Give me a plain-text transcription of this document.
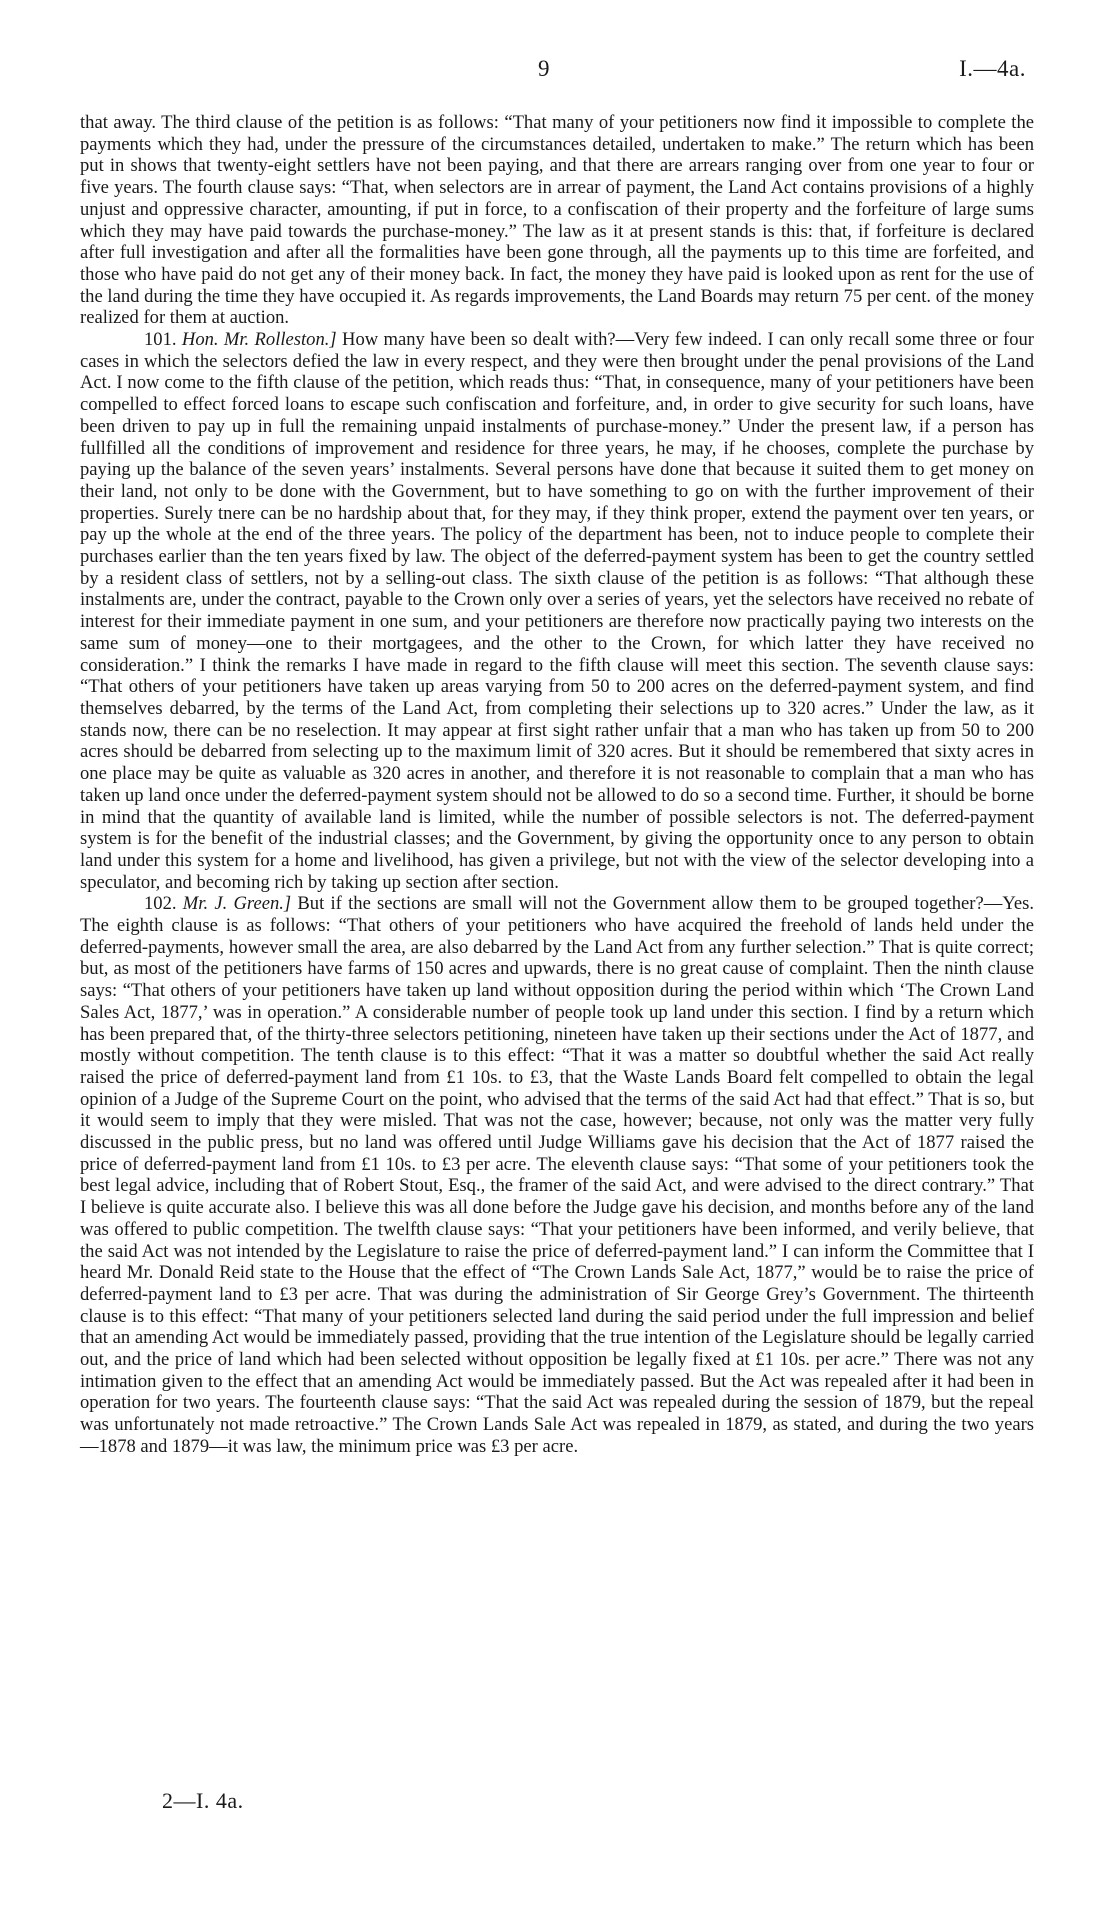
9	I.—4a.

that away. The third clause of the petition is as follows: “That many of your petitioners now find it impossible to complete the payments which they had, under the pressure of the circumstances detailed, undertaken to make.” The return which has been put in shows that twenty-eight settlers have not been paying, and that there are arrears ranging over from one year to four or five years. The fourth clause says: “That, when selectors are in arrear of payment, the Land Act contains provisions of a highly unjust and oppressive character, amounting, if put in force, to a confiscation of their property and the forfeiture of large sums which they may have paid towards the purchase-money.” The law as it at present stands is this: that, if forfeiture is declared after full investigation and after all the formalities have been gone through, all the payments up to this time are forfeited, and those who have paid do not get any of their money back. In fact, the money they have paid is looked upon as rent for the use of the land during the time they have occupied it. As regards improvements, the Land Boards may return 75 per cent. of the money realized for them at auction.

101. Hon. Mr. Rolleston.] How many have been so dealt with?—Very few indeed. I can only recall some three or four cases in which the selectors defied the law in every respect, and they were then brought under the penal provisions of the Land Act. I now come to the fifth clause of the petition, which reads thus: “That, in consequence, many of your petitioners have been compelled to effect forced loans to escape such confiscation and forfeiture, and, in order to give security for such loans, have been driven to pay up in full the remaining unpaid instalments of purchase-money.” Under the present law, if a person has fullfilled all the conditions of improvement and residence for three years, he may, if he chooses, complete the purchase by paying up the balance of the seven years’ instalments. Several persons have done that because it suited them to get money on their land, not only to be done with the Government, but to have something to go on with the further improvement of their properties. Surely tnere can be no hardship about that, for they may, if they think proper, extend the payment over ten years, or pay up the whole at the end of the three years. The policy of the department has been, not to induce people to complete their purchases earlier than the ten years fixed by law. The object of the deferred-payment system has been to get the country settled by a resident class of settlers, not by a selling-out class. The sixth clause of the petition is as follows: “That although these instalments are, under the contract, payable to the Crown only over a series of years, yet the selectors have received no rebate of interest for their immediate payment in one sum, and your petitioners are therefore now practically paying two interests on the same sum of money—one to their mortgagees, and the other to the Crown, for which latter they have received no consideration.” I think the remarks I have made in regard to the fifth clause will meet this section. The seventh clause says: “That others of your petitioners have taken up areas varying from 50 to 200 acres on the deferred-payment system, and find themselves debarred, by the terms of the Land Act, from completing their selections up to 320 acres.” Under the law, as it stands now, there can be no reselection. It may appear at first sight rather unfair that a man who has taken up from 50 to 200 acres should be debarred from selecting up to the maximum limit of 320 acres. But it should be remembered that sixty acres in one place may be quite as valuable as 320 acres in another, and therefore it is not reasonable to complain that a man who has taken up land once under the deferred-payment system should not be allowed to do so a second time. Further, it should be borne in mind that the quantity of available land is limited, while the number of possible selectors is not. The deferred-payment system is for the benefit of the industrial classes; and the Government, by giving the opportunity once to any person to obtain land under this system for a home and livelihood, has given a privilege, but not with the view of the selector developing into a speculator, and becoming rich by taking up section after section.

102. Mr. J. Green.] But if the sections are small will not the Government allow them to be grouped together?—Yes. The eighth clause is as follows: “That others of your petitioners who have acquired the freehold of lands held under the deferred-payments, however small the area, are also debarred by the Land Act from any further selection.” That is quite correct; but, as most of the petitioners have farms of 150 acres and upwards, there is no great cause of complaint. Then the ninth clause says: “That others of your petitioners have taken up land without opposition during the period within which ‘The Crown Land Sales Act, 1877,’ was in operation.” A considerable number of people took up land under this section. I find by a return which has been prepared that, of the thirty-three selectors petitioning, nineteen have taken up their sections under the Act of 1877, and mostly without competition. The tenth clause is to this effect: “That it was a matter so doubtful whether the said Act really raised the price of deferred-payment land from £1 10s. to £3, that the Waste Lands Board felt compelled to obtain the legal opinion of a Judge of the Supreme Court on the point, who advised that the terms of the said Act had that effect.” That is so, but it would seem to imply that they were misled. That was not the case, however; because, not only was the matter very fully discussed in the public press, but no land was offered until Judge Williams gave his decision that the Act of 1877 raised the price of deferred-payment land from £1 10s. to £3 per acre. The eleventh clause says: “That some of your petitioners took the best legal advice, including that of Robert Stout, Esq., the framer of the said Act, and were advised to the direct contrary.” That I believe is quite accurate also. I believe this was all done before the Judge gave his decision, and months before any of the land was offered to public competition. The twelfth clause says: “That your petitioners have been informed, and verily believe, that the said Act was not intended by the Legislature to raise the price of deferred-payment land.” I can inform the Committee that I heard Mr. Donald Reid state to the House that the effect of “The Crown Lands Sale Act, 1877,” would be to raise the price of deferred-payment land to £3 per acre. That was during the administration of Sir George Grey’s Government. The thirteenth clause is to this effect: “That many of your petitioners selected land during the said period under the full impression and belief that an amending Act would be immediately passed, providing that the true intention of the Legislature should be legally carried out, and the price of land which had been selected without opposition be legally fixed at £1 10s. per acre.” There was not any intimation given to the effect that an amending Act would be immediately passed. But the Act was repealed after it had been in operation for two years. The fourteenth clause says: “That the said Act was repealed during the session of 1879, but the repeal was unfortunately not made retroactive.” The Crown Lands Sale Act was repealed in 1879, as stated, and during the two years—1878 and 1879—it was law, the minimum price was £3 per acre.

2—I. 4a.
